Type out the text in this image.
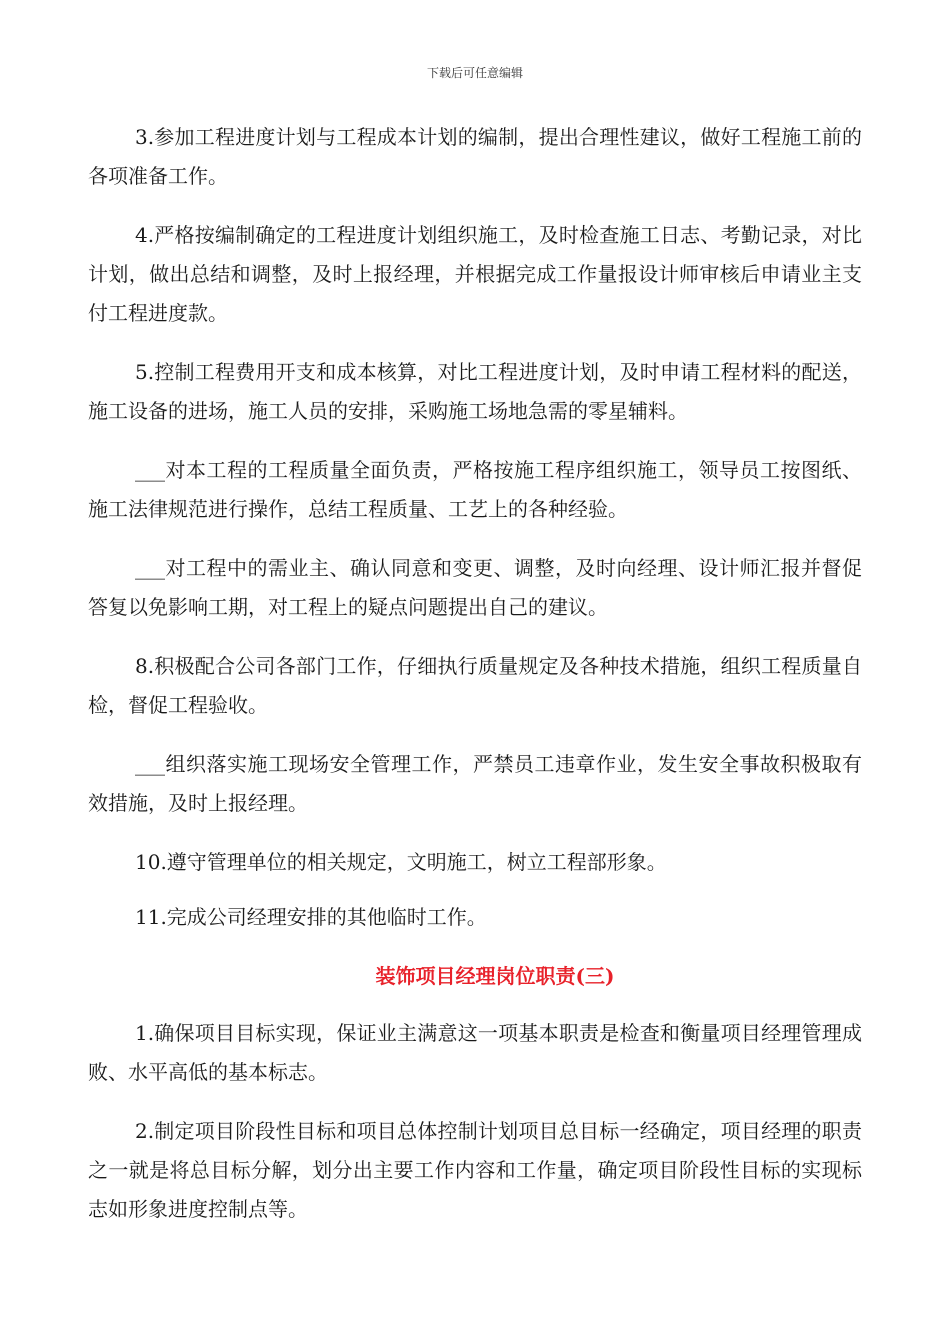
下载后可任意编辑

3.参加工程进度计划与工程成本计划的编制，提出合理性建议，做好工程施工前的各项准备工作。

4.严格按编制确定的工程进度计划组织施工，及时检查施工日志、考勤记录，对比计划，做出总结和调整，及时上报经理，并根据完成工作量报设计师审核后申请业主支付工程进度款。

5.控制工程费用开支和成本核算，对比工程进度计划，及时申请工程材料的配送，施工设备的进场，施工人员的安排，采购施工场地急需的零星辅料。

___对本工程的工程质量全面负责，严格按施工程序组织施工，领导员工按图纸、施工法律规范进行操作，总结工程质量、工艺上的各种经验。

___对工程中的需业主、确认同意和变更、调整，及时向经理、设计师汇报并督促答复以免影响工期，对工程上的疑点问题提出自己的建议。

8.积极配合公司各部门工作，仔细执行质量规定及各种技术措施，组织工程质量自检，督促工程验收。

___组织落实施工现场安全管理工作，严禁员工违章作业，发生安全事故积极取有效措施，及时上报经理。

10.遵守管理单位的相关规定，文明施工，树立工程部形象。

11.完成公司经理安排的其他临时工作。

装饰项目经理岗位职责(三)

1.确保项目目标实现，保证业主满意这一项基本职责是检查和衡量项目经理管理成败、水平高低的基本标志。

2.制定项目阶段性目标和项目总体控制计划项目总目标一经确定，项目经理的职责之一就是将总目标分解，划分出主要工作内容和工作量，确定项目阶段性目标的实现标志如形象进度控制点等。
